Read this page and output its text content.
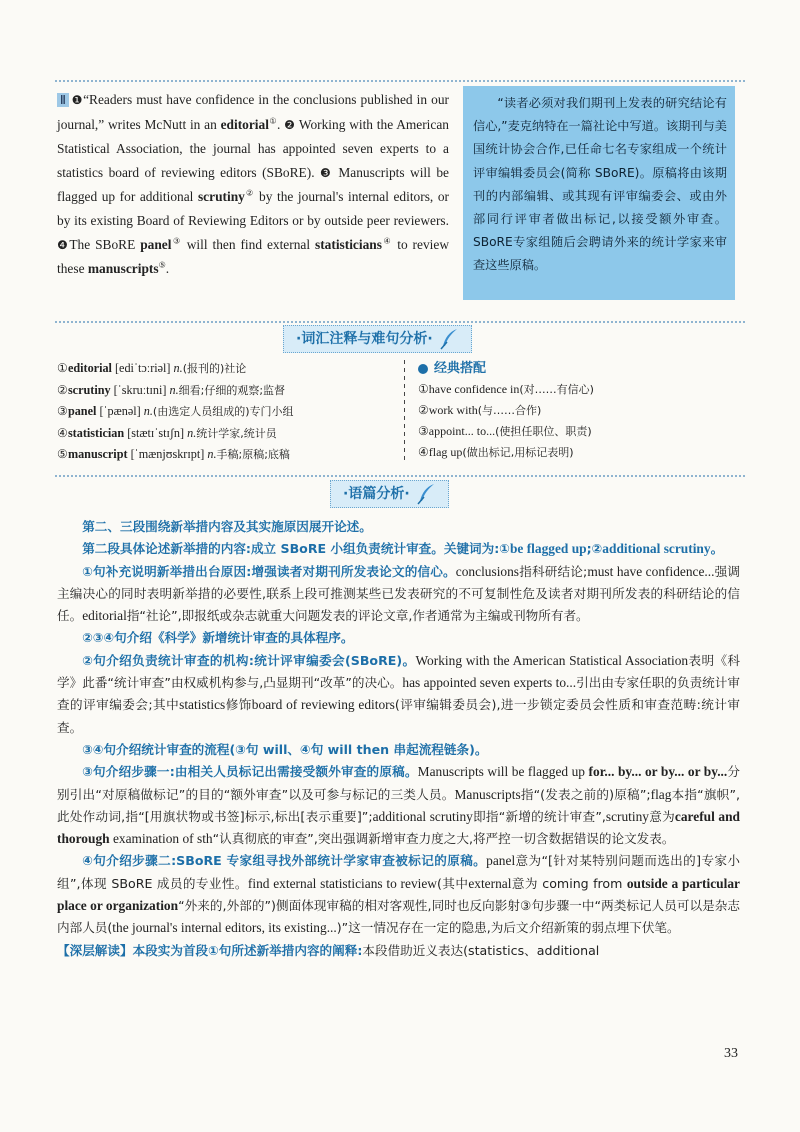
Ⅱ ❶“Readers must have confidence in the conclusions published in our journal,” writes McNutt in an editorial①. ❷ Working with the American Statistical Association, the journal has appointed seven experts to a statistics board of reviewing editors (SBoRE). ❸ Manuscripts will be flagged up for additional scrutiny② by the journal's internal editors, or by its existing Board of Reviewing Editors or by outside peer reviewers. ❹The SBoRE panel③ will then find external statisticians④ to review these manuscripts⑤.
“读者必须对我们期刊上发表的研究结论有信心,”麦克纳特在一篇社论中写道。该期刊与美国统计协会合作,已任命七名专家组成一个统计评审编辑委员会(简称 SBoRE)。原稿将由该期刊的内部编辑、或其现有评审编委会、或由外部同行评审者做出标记,以接受额外审查。SBoRE专家组随后会聘请外来的统计学家来审查这些原稿。
·词汇注释与难句分析·
①editorial [ediˈtɔːriəl] n.(报刊的)社论
②scrutiny [ˈskruːtɪni] n.细看;仔细的观察;监督
③panel [ˈpænəl] n.(由选定人员组成的)专门小组
④statistician [stætɪˈstɪʃn] n.统计学家,统计员
⑤manuscript [ˈmænjʊskrɪpt] n.手稿;原稿;底稿
经典搭配
①have confidence in(对……有信心)
②work with(与……合作)
③appoint... to...(使担任职位、职责)
④flag up(做出标记,用标记表明)
·语篇分析·

第二、三段围绕新举措内容及其实施原因展开论述。

第二段具体论述新举措的内容:成立 SBoRE 小组负责统计审查。关键词为:①be flagged up;②additional scrutiny。

①句补充说明新举措出台原因:增强读者对期刊所发表论文的信心。conclusions指科研结论;must have confidence...强调主编决心的同时表明新举措的必要性,联系上段可推测某些已发表研究的不可复制性危及读者对期刊所发表的科研结论的信任。editorial指“社论”,即报纸或杂志就重大问题发表的评论文章,作者通常为主编或刊物所有者。

②③④句介绍《科学》新增统计审查的具体程序。

②句介绍负责统计审查的机构:统计评审编委会(SBoRE)。Working with the American Statistical Association表明《科学》此番“统计审查”由权威机构参与,凸显期刊“改革”的决心。has appointed seven experts to...引出由专家任职的负责统计审查的评审编委会;其中statistics修饰board of reviewing editors(评审编辑委员会),进一步锁定委员会性质和审查范畴:统计审查。

③④句介绍统计审查的流程(③句 will、④句 will then 串起流程链条)。

③句介绍步骤一:由相关人员标记出需接受额外审查的原稿。Manuscripts will be flagged up for... by... or by... or by...分别引出“对原稿做标记”的目的“额外审查”以及可参与标记的三类人员。Manuscripts指“(发表之前的)原稿”;flag本指“旗帜”,此处作动词,指“[用旗状物或书签]标示,标出[表示重要]”;additional scrutiny即指“新增的统计审查”,scrutiny意为careful and thorough examination of sth“认真彻底的审查”,突出强调新增审查力度之大,将严控一切含数据错误的论文发表。

④句介绍步骤二:SBoRE 专家组寻找外部统计学家审查被标记的原稿。panel意为“[针对某特别问题而选出的]专家小组”,体现 SBoRE 成员的专业性。find external statisticians to review(其中external意为 coming from outside a particular place or organization“外来的,外部的”)侧面体现审稿的相对客观性,同时也反向影射③句步骤一中“两类标记人员可以是杂志内部人员(the journal's internal editors, its existing...)”这一情况存在一定的隐患,为后文介绍新策的弱点埋下伏笔。

【深层解读】本段实为首段①句所述新举措内容的阐释:本段借助近义表达(statistics、additional

33
